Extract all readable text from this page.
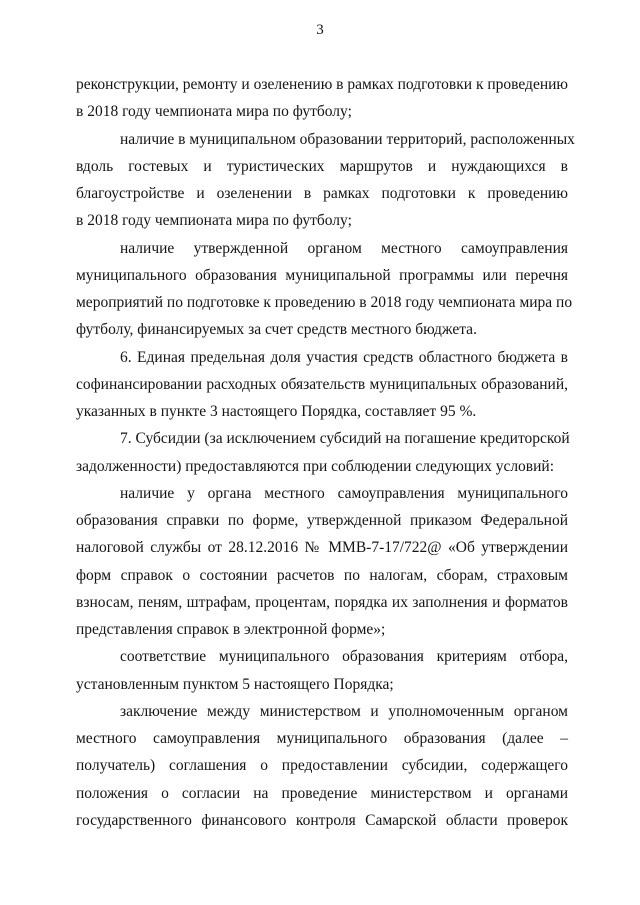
3
реконструкции, ремонту и озеленению в рамках подготовки к проведению
в 2018 году чемпионата мира по футболу;
наличие в муниципальном образовании территорий, расположенных
вдоль гостевых и туристических маршрутов и нуждающихся в
благоустройстве и озеленении в рамках подготовки к проведению
в 2018 году чемпионата мира по футболу;
наличие утвержденной органом местного самоуправления
муниципального образования муниципальной программы или перечня
мероприятий по подготовке к проведению в 2018 году чемпионата мира по
футболу, финансируемых за счет средств местного бюджета.
6. Единая предельная доля участия средств областного бюджета в
софинансировании расходных обязательств муниципальных образований,
указанных в пункте 3 настоящего Порядка, составляет 95 %.
7. Субсидии (за исключением субсидий на погашение кредиторской
задолженности) предоставляются при соблюдении следующих условий:
наличие у органа местного самоуправления муниципального
образования справки по форме, утвержденной приказом Федеральной
налоговой службы от 28.12.2016 № ММВ-7-17/722@ «Об утверждении
форм справок о состоянии расчетов по налогам, сборам, страховым
взносам, пеням, штрафам, процентам, порядка их заполнения и форматов
представления справок в электронной форме»;
соответствие муниципального образования критериям отбора,
установленным пунктом 5 настоящего Порядка;
заключение между министерством и уполномоченным органом
местного самоуправления муниципального образования (далее –
получатель) соглашения о предоставлении субсидии, содержащего
положения о согласии на проведение министерством и органами
государственного финансового контроля Самарской области проверок
